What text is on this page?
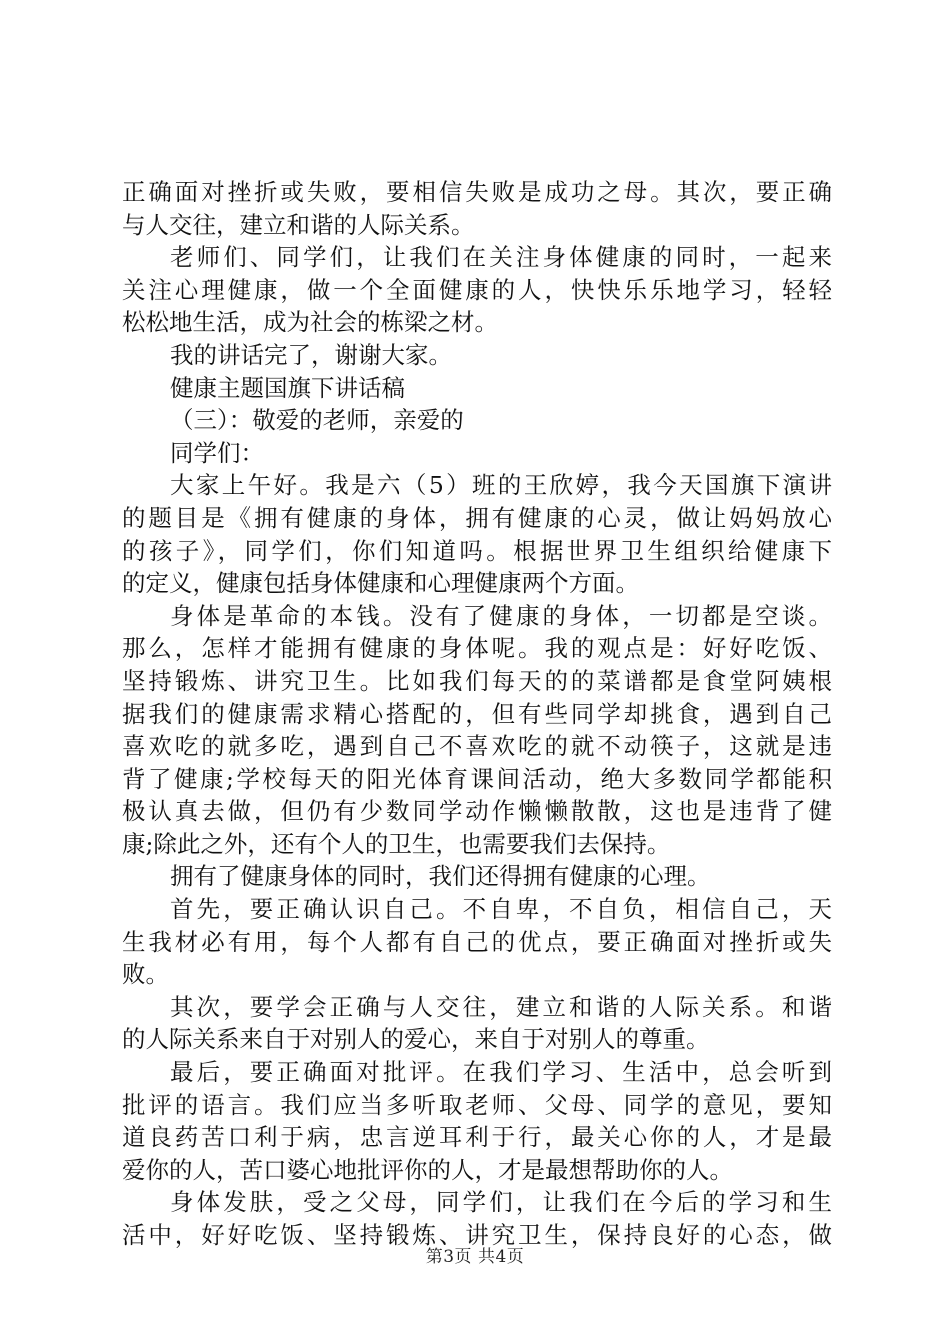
正确面对挫折或失败，要相信失败是成功之母。其次，要正确
与人交往，建立和谐的人际关系。
老师们、同学们，让我们在关注身体健康的同时，一起来
关注心理健康，做一个全面健康的人，快快乐乐地学习，轻轻
松松地生活，成为社会的栋梁之材。
我的讲话完了，谢谢大家。
健康主题国旗下讲话稿
（三）：敬爱的老师，亲爱的
同学们：
大家上午好。我是六（5）班的王欣婷，我今天国旗下演讲
的题目是《拥有健康的身体，拥有健康的心灵，做让妈妈放心
的孩子》，同学们，你们知道吗。根据世界卫生组织给健康下
的定义，健康包括身体健康和心理健康两个方面。
身体是革命的本钱。没有了健康的身体，一切都是空谈。
那么，怎样才能拥有健康的身体呢。我的观点是：好好吃饭、
坚持锻炼、讲究卫生。比如我们每天的的菜谱都是食堂阿姨根
据我们的健康需求精心搭配的，但有些同学却挑食，遇到自己
喜欢吃的就多吃，遇到自己不喜欢吃的就不动筷子，这就是违
背了健康;学校每天的阳光体育课间活动，绝大多数同学都能积
极认真去做，但仍有少数同学动作懒懒散散，这也是违背了健
康;除此之外，还有个人的卫生，也需要我们去保持。
拥有了健康身体的同时，我们还得拥有健康的心理。
首先，要正确认识自己。不自卑，不自负，相信自己，天
生我材必有用，每个人都有自己的优点，要正确面对挫折或失
败。
其次，要学会正确与人交往，建立和谐的人际关系。和谐
的人际关系来自于对别人的爱心，来自于对别人的尊重。
最后，要正确面对批评。在我们学习、生活中，总会听到
批评的语言。我们应当多听取老师、父母、同学的意见，要知
道良药苦口利于病，忠言逆耳利于行，最关心你的人，才是最
爱你的人，苦口婆心地批评你的人，才是最想帮助你的人。
身体发肤，受之父母，同学们，让我们在今后的学习和生
活中，好好吃饭、坚持锻炼、讲究卫生，保持良好的心态，做
第3页 共4页
